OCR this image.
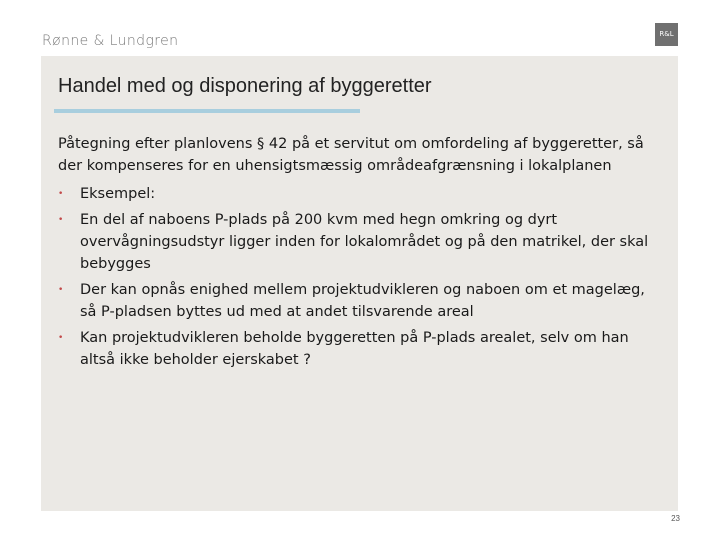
Rønne & Lundgren	R&L
Handel med og disponering af byggeretter
Påtegning efter planlovens § 42 på et servitut om omfordeling af byggeretter, så der kompenseres for en uhensigtsmæssig områdeafgrænsning i lokalplanen
•	Eksempel:
•	En del af naboens P-plads på 200 kvm med hegn omkring og dyrt overvågningsudstyr ligger inden for lokalområdet og på den matrikel, der skal bebygges
•	Der kan opnås enighed mellem projektudvikleren og naboen om et magelæg, så P-pladsen byttes ud med at andet tilsvarende areal
•	Kan projektudvikleren beholde byggeretten på P-plads arealet, selv om han altså ikke beholder ejerskabet ?
23
